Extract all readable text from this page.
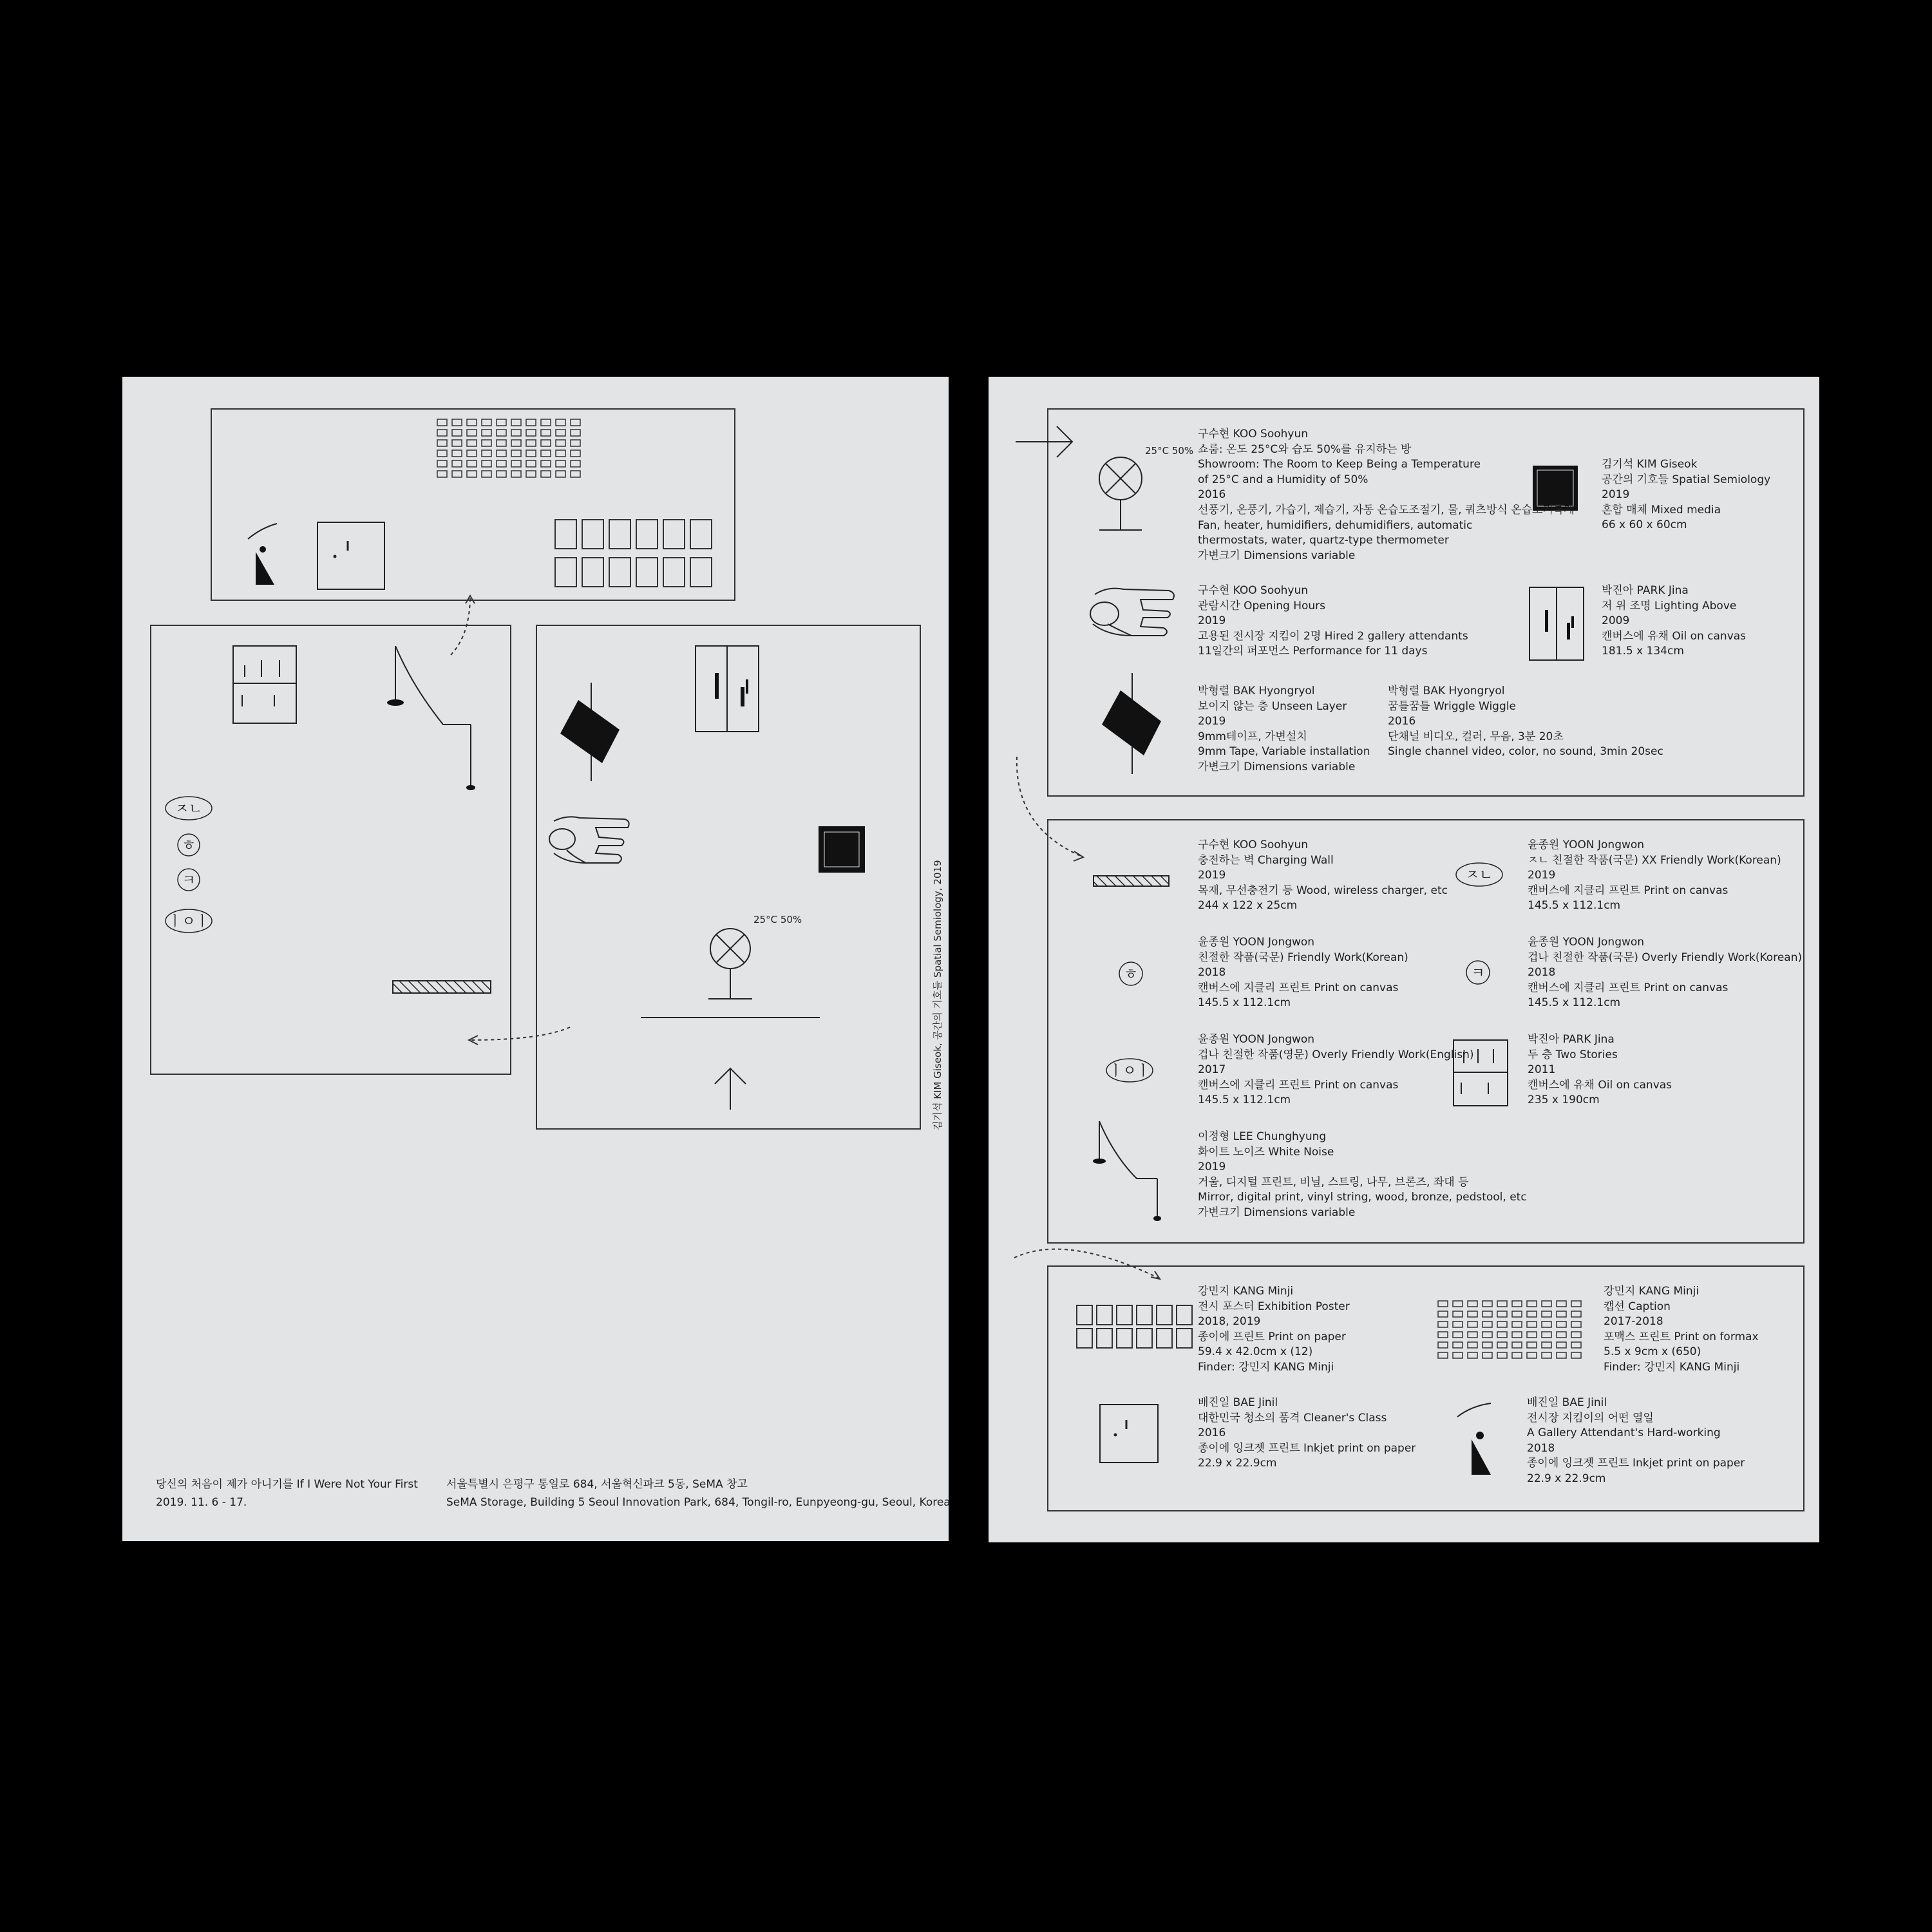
ㅈㄴ
ㅎ
ㅋ
ㅣㅇㅣ	25°C 50%	김기석 KIM Giseok, 공간의 기호들 Spatial Semiology, 2019
당신의 처음이 제가 아니기를 If I Were Not Your First
2019. 11. 6 - 17.
서울특별시 은평구 통일로 684, 서울혁신파크 5동, SeMA 창고
SeMA Storage, Building 5 Seoul Innovation Park, 684, Tongil-ro, Eunpyeong-gu, Seoul, Korea
ㅈㄴ
ㅎ	ㅋ
ㅣㅇㅣ
25°C 50%
구수현 KOO Soohyun
쇼룸: 온도 25°C와 습도 50%를 유지하는 방
Showroom: The Room to Keep Being a Temperature
of 25°C and a Humidity of 50%
2016
선풍기, 온풍기, 가습기, 제습기, 자동 온습도조절기, 물, 쿼츠방식 온습도기록계
Fan, heater, humidifiers, dehumidifiers, automatic
thermostats, water, quartz-type thermometer
가변크기 Dimensions variable
김기석 KIM Giseok
공간의 기호들 Spatial Semiology
2019
혼합 매체 Mixed media
66 x 60 x 60cm
구수현 KOO Soohyun
관람시간 Opening Hours
2019
고용된 전시장 지킴이 2명 Hired 2 gallery attendants
11일간의 퍼포먼스 Performance for 11 days
박진아 PARK Jina
저 위 조명 Lighting Above
2009
캔버스에 유채 Oil on canvas
181.5 x 134cm
박형렬 BAK Hyongryol
보이지 않는 층 Unseen Layer
2019
9mm테이프, 가변설치
9mm Tape, Variable installation
가변크기 Dimensions variable
박형렬 BAK Hyongryol
꿈틀꿈틀 Wriggle Wiggle
2016
단채널 비디오, 컬러, 무음, 3분 20초
Single channel video, color, no sound, 3min 20sec
구수현 KOO Soohyun
충전하는 벽 Charging Wall
2019
목재, 무선충전기 등 Wood, wireless charger, etc
244 x 122 x 25cm
윤종원 YOON Jongwon
ㅈㄴ 친절한 작품(국문) XX Friendly Work(Korean)
2019
캔버스에 지클리 프린트 Print on canvas
145.5 x 112.1cm
윤종원 YOON Jongwon
친절한 작품(국문) Friendly Work(Korean)
2018
캔버스에 지클리 프린트 Print on canvas
145.5 x 112.1cm
윤종원 YOON Jongwon
겁나 친절한 작품(국문) Overly Friendly Work(Korean)
2018
캔버스에 지클리 프린트 Print on canvas
145.5 x 112.1cm
윤종원 YOON Jongwon
겁나 친절한 작품(영문) Overly Friendly Work(English)
2017
캔버스에 지클리 프린트 Print on canvas
145.5 x 112.1cm
박진아 PARK Jina
두 층 Two Stories
2011
캔버스에 유채 Oil on canvas
235 x 190cm
이정형 LEE Chunghyung
화이트 노이즈 White Noise
2019
거울, 디지털 프린트, 비닐, 스트링, 나무, 브론즈, 좌대 등
Mirror, digital print, vinyl string, wood, bronze, pedstool, etc
가변크기 Dimensions variable
강민지 KANG Minji
전시 포스터 Exhibition Poster
2018, 2019
종이에 프린트 Print on paper
59.4 x 42.0cm x (12)
Finder: 강민지 KANG Minji
강민지 KANG Minji
캡션 Caption
2017-2018
포맥스 프린트 Print on formax
5.5 x 9cm x (650)
Finder: 강민지 KANG Minji
배진일 BAE Jinil
대한민국 청소의 품격 Cleaner's Class
2016
종이에 잉크젯 프린트 Inkjet print on paper
22.9 x 22.9cm
배진일 BAE Jinil
전시장 지킴이의 어떤 열일
A Gallery Attendant's Hard-working
2018
종이에 잉크젯 프린트 Inkjet print on paper
22.9 x 22.9cm
